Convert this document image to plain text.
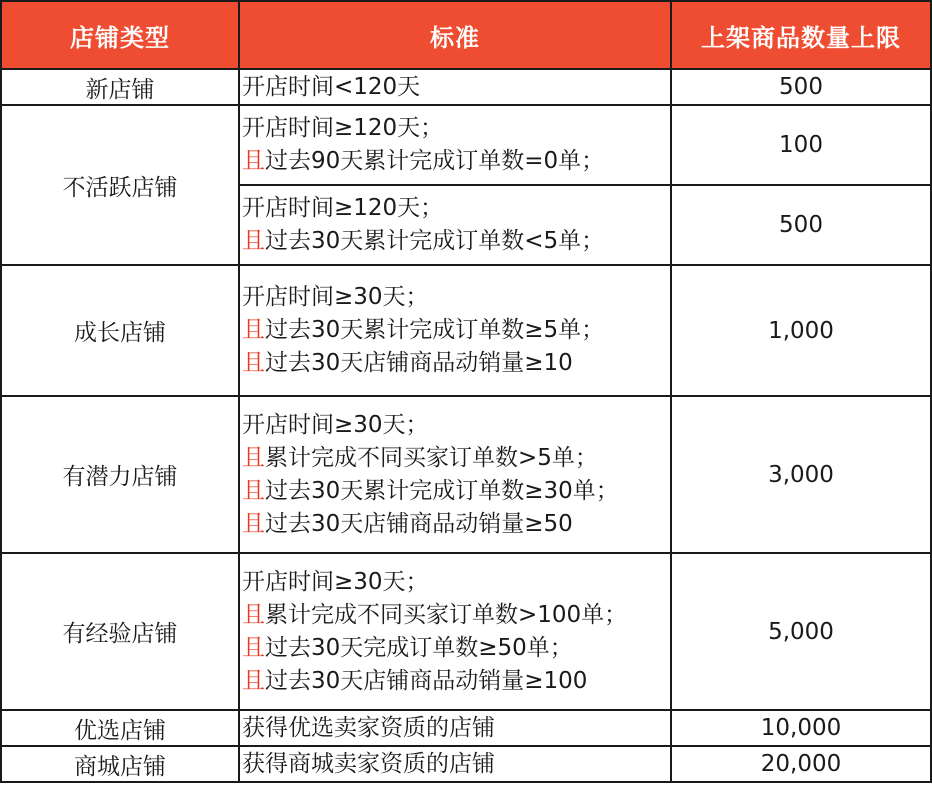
店铺类型	标准	上架商品数量上限
新店铺	开店时间<120天	500
不活跃店铺	开店时间≥120天；
且过去90天累计完成订单数=0单；	100

	开店时间≥120天；
且过去30天累计完成订单数<5单；	500
成长店铺	开店时间≥30天；
且过去30天累计完成订单数≥5单；
且过去30天店铺商品动销量≥10	1,000
有潜力店铺	开店时间≥30天；
且累计完成不同买家订单数>5单；
且过去30天累计完成订单数≥30单；
且过去30天店铺商品动销量≥50	3,000
有经验店铺	开店时间≥30天；
且累计完成不同买家订单数>100单；
且过去30天完成订单数≥50单；
且过去30天店铺商品动销量≥100	5,000
优选店铺	获得优选卖家资质的店铺	10,000
商城店铺	获得商城卖家资质的店铺	20,000
